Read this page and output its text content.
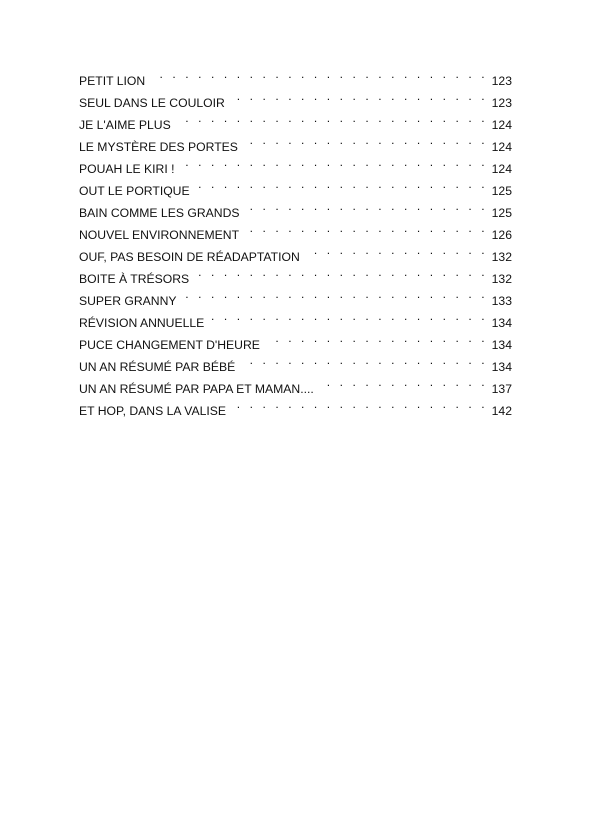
PETIT LION . . .	123
SEUL DANS LE COULOIR . . .	123
JE L'AIME PLUS . . .	124
LE MYSTÈRE DES PORTES . . .	124
POUAH LE KIRI ! . . .	124
OUT LE PORTIQUE . . .	125
BAIN COMME LES GRANDS . . .	125
NOUVEL ENVIRONNEMENT . . .	126
OUF, PAS BESOIN DE RÉADAPTATION . . .	132
BOITE À TRÉSORS . . .	132
SUPER GRANNY . . .	133
RÉVISION ANNUELLE . . .	134
PUCE CHANGEMENT D'HEURE . . .	134
UN AN RÉSUMÉ PAR BÉBÉ . . .	134
UN AN RÉSUMÉ PAR PAPA ET MAMAN.... . . .	137
ET HOP, DANS LA VALISE . . .	142
